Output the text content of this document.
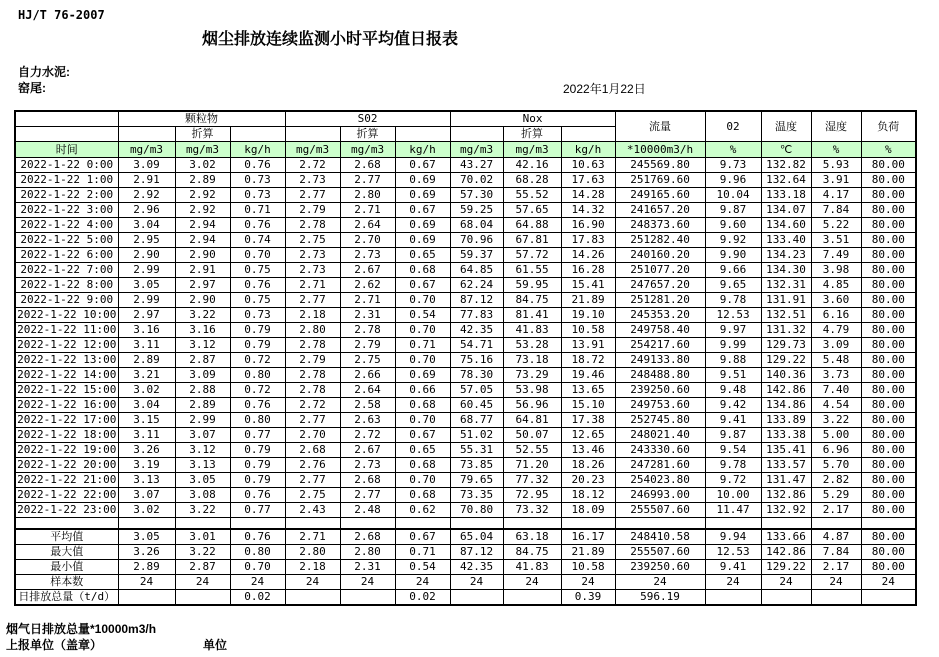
HJ/T 76-2007
烟尘排放连续监测小时平均值日报表
自力水泥:
窑尾:	2022年1月22日
	颗粒物			S02			Nox			流量	02	温度	湿度	负荷
		折算			折算			折算						
时间	mg/m3	mg/m3	kg/h	mg/m3	mg/m3	kg/h	mg/m3	mg/m3	kg/h	*10000m3/h	%	℃	%	%
2022-1-22 0:00	3.09	3.02	0.76	2.72	2.68	0.67	43.27	42.16	10.63	245569.80	9.73	132.82	5.93	80.00
2022-1-22 1:00	2.91	2.89	0.73	2.73	2.77	0.69	70.02	68.28	17.63	251769.60	9.96	132.64	3.91	80.00
2022-1-22 2:00	2.92	2.92	0.73	2.77	2.80	0.69	57.30	55.52	14.28	249165.60	10.04	133.18	4.17	80.00
2022-1-22 3:00	2.96	2.92	0.71	2.79	2.71	0.67	59.25	57.65	14.32	241657.20	9.87	134.07	7.84	80.00
2022-1-22 4:00	3.04	2.94	0.76	2.78	2.64	0.69	68.04	64.88	16.90	248373.60	9.60	134.60	5.22	80.00
2022-1-22 5:00	2.95	2.94	0.74	2.75	2.70	0.69	70.96	67.81	17.83	251282.40	9.92	133.40	3.51	80.00
2022-1-22 6:00	2.90	2.90	0.70	2.73	2.73	0.65	59.37	57.72	14.26	240160.20	9.90	134.23	7.49	80.00
2022-1-22 7:00	2.99	2.91	0.75	2.73	2.67	0.68	64.85	61.55	16.28	251077.20	9.66	134.30	3.98	80.00
2022-1-22 8:00	3.05	2.97	0.76	2.71	2.62	0.67	62.24	59.95	15.41	247657.20	9.65	132.31	4.85	80.00
2022-1-22 9:00	2.99	2.90	0.75	2.77	2.71	0.70	87.12	84.75	21.89	251281.20	9.78	131.91	3.60	80.00
2022-1-22 10:00	2.97	3.22	0.73	2.18	2.31	0.54	77.83	81.41	19.10	245353.20	12.53	132.51	6.16	80.00
2022-1-22 11:00	3.16	3.16	0.79	2.80	2.78	0.70	42.35	41.83	10.58	249758.40	9.97	131.32	4.79	80.00
2022-1-22 12:00	3.11	3.12	0.79	2.78	2.79	0.71	54.71	53.28	13.91	254217.60	9.99	129.73	3.09	80.00
2022-1-22 13:00	2.89	2.87	0.72	2.79	2.75	0.70	75.16	73.18	18.72	249133.80	9.88	129.22	5.48	80.00
2022-1-22 14:00	3.21	3.09	0.80	2.78	2.66	0.69	78.30	73.29	19.46	248488.80	9.51	140.36	3.73	80.00
2022-1-22 15:00	3.02	2.88	0.72	2.78	2.64	0.66	57.05	53.98	13.65	239250.60	9.48	142.86	7.40	80.00
2022-1-22 16:00	3.04	2.89	0.76	2.72	2.58	0.68	60.45	56.96	15.10	249753.60	9.42	134.86	4.54	80.00
2022-1-22 17:00	3.15	2.99	0.80	2.77	2.63	0.70	68.77	64.81	17.38	252745.80	9.41	133.89	3.22	80.00
2022-1-22 18:00	3.11	3.07	0.77	2.70	2.72	0.67	51.02	50.07	12.65	248021.40	9.87	133.38	5.00	80.00
2022-1-22 19:00	3.26	3.12	0.79	2.68	2.67	0.65	55.31	52.55	13.46	243330.60	9.54	135.41	6.96	80.00
2022-1-22 20:00	3.19	3.13	0.79	2.76	2.73	0.68	73.85	71.20	18.26	247281.60	9.78	133.57	5.70	80.00
2022-1-22 21:00	3.13	3.05	0.79	2.77	2.68	0.70	79.65	77.32	20.23	254023.80	9.72	131.47	2.82	80.00
2022-1-22 22:00	3.07	3.08	0.76	2.75	2.77	0.68	73.35	72.95	18.12	246993.00	10.00	132.86	5.29	80.00
2022-1-22 23:00	3.02	3.22	0.77	2.43	2.48	0.62	70.80	73.32	18.09	255507.60	11.47	132.92	2.17	80.00

平均值	3.05	3.01	0.76	2.71	2.68	0.67	65.04	63.18	16.17	248410.58	9.94	133.66	4.87	80.00
最大值	3.26	3.22	0.80	2.80	2.80	0.71	87.12	84.75	21.89	255507.60	12.53	142.86	7.84	80.00
最小值	2.89	2.87	0.70	2.18	2.31	0.54	42.35	41.83	10.58	239250.60	9.41	129.22	2.17	80.00
样本数	24	24	24	24	24	24	24	24	24	24	24	24	24	24
日排放总量（t/d）			0.02			0.02			0.39	596.19				
烟气日排放总量*10000m3/h
上报单位（盖章）	单位
